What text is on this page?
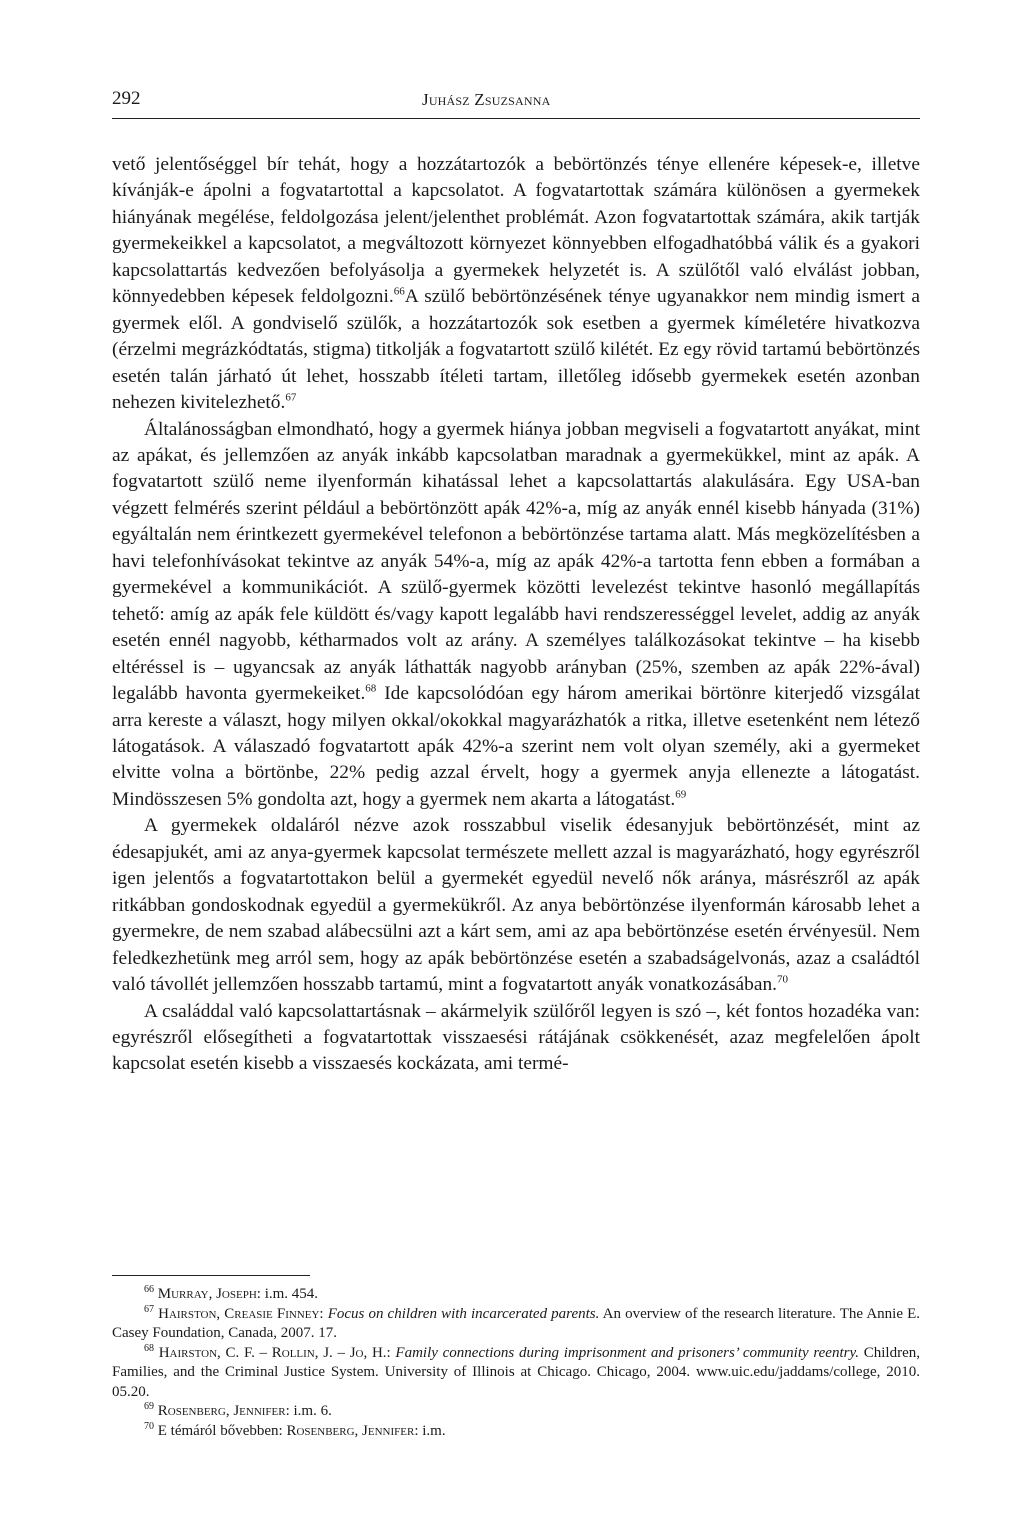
292	Juhász Zsuzsanna

vető jelentőséggel bír tehát, hogy a hozzátartozók a bebörtönzés ténye ellenére képesek-e, illetve kívánják-e ápolni a fogvatartottal a kapcsolatot. A fogvatartottak számára különösen a gyermekek hiányának megélése, feldolgozása jelent/jelenthet problémát. Azon fogvatartottak számára, akik tartják gyermekeikkel a kapcsolatot, a megváltozott környezet könnyebben elfogadhatóbbá válik és a gyakori kapcsolattartás kedvezően befolyásolja a gyermekek helyzetét is. A szülőtől való elválást jobban, könnyedebben képesek feldolgozni.$^{66}$A szülő bebörtönzésének ténye ugyanakkor nem mindig ismert a gyermek elől. A gondviselő szülők, a hozzátartozók sok esetben a gyermek kíméletére hivatkozva (érzelmi megrázkódtatás, stigma) titkolják a fogvatartott szülő kilétét. Ez egy rövid tartamú bebörtönzés esetén talán járható út lehet, hosszabb ítéleti tartam, illetőleg idősebb gyermekek esetén azonban nehezen kivitelezhető.$^{67}$

Általánosságban elmondható, hogy a gyermek hiánya jobban megviseli a fogvatartott anyákat, mint az apákat, és jellemzően az anyák inkább kapcsolatban maradnak a gyermekükkel, mint az apák. A fogvatartott szülő neme ilyenformán kihatással lehet a kapcsolattartás alakulására. Egy USA-ban végzett felmérés szerint például a bebörtönzött apák 42%-a, míg az anyák ennél kisebb hányada (31%) egyáltalán nem érintkezett gyermekével telefonon a bebörtönzése tartama alatt. Más megközelítésben a havi telefonhívásokat tekintve az anyák 54%-a, míg az apák 42%-a tartotta fenn ebben a formában a gyermekével a kommunikációt. A szülő-gyermek közötti levelezést tekintve hasonló megállapítás tehető: amíg az apák fele küldött és/vagy kapott legalább havi rendszerességgel levelet, addig az anyák esetén ennél nagyobb, kétharmados volt az arány. A személyes találkozásokat tekintve – ha kisebb eltéréssel is – ugyancsak az anyák láthatták nagyobb arányban (25%, szemben az apák 22%-ával) legalább havonta gyermekeiket.$^{68}$ Ide kapcsolódóan egy három amerikai börtönre kiterjedő vizsgálat arra kereste a választ, hogy milyen okkal/okokkal magyarázhatók a ritka, illetve esetenként nem létező látogatások. A válaszadó fogvatartott apák 42%-a szerint nem volt olyan személy, aki a gyermeket elvitte volna a börtönbe, 22% pedig azzal érvelt, hogy a gyermek anyja ellenezte a látogatást. Mindösszesen 5% gondolta azt, hogy a gyermek nem akarta a látogatást.$^{69}$

A gyermekek oldaláról nézve azok rosszabbul viselik édesanyjuk bebörtönzését, mint az édesapjukét, ami az anya-gyermek kapcsolat természete mellett azzal is magyarázható, hogy egyrészről igen jelentős a fogvatartottakon belül a gyermekét egyedül nevelő nők aránya, másrészről az apák ritkábban gondoskodnak egyedül a gyermekükről. Az anya bebörtönzése ilyenformán károsabb lehet a gyermekre, de nem szabad alábecsülni azt a kárt sem, ami az apa bebörtönzése esetén érvényesül. Nem feledkezhetünk meg arról sem, hogy az apák bebörtönzése esetén a szabadságelvonás, azaz a családtól való távollét jellemzően hosszabb tartamú, mint a fogvatartott anyák vonatkozásában.$^{70}$

A családdal való kapcsolattartásnak – akármelyik szülőről legyen is szó –, két fontos hozadéka van: egyrészről elősegítheti a fogvatartottak visszaesési rátájának csökkenését, azaz megfelelően ápolt kapcsolat esetén kisebb a visszaesés kockázata, ami termé-

$^{66}$ Murray, Joseph: i.m. 454.

$^{67}$ Hairston, Creasie Finney: Focus on children with incarcerated parents. An overview of the research literature. The Annie E. Casey Foundation, Canada, 2007. 17.

$^{68}$ Hairston, C. F. – Rollin, J. – Jo, H.: Family connections during imprisonment and prisoners’ community reentry. Children, Families, and the Criminal Justice System. University of Illinois at Chicago. Chicago, 2004. www.uic.edu/jaddams/college, 2010. 05.20.

$^{69}$ Rosenberg, Jennifer: i.m. 6.

$^{70}$ E témáról bővebben: Rosenberg, Jennifer: i.m.
